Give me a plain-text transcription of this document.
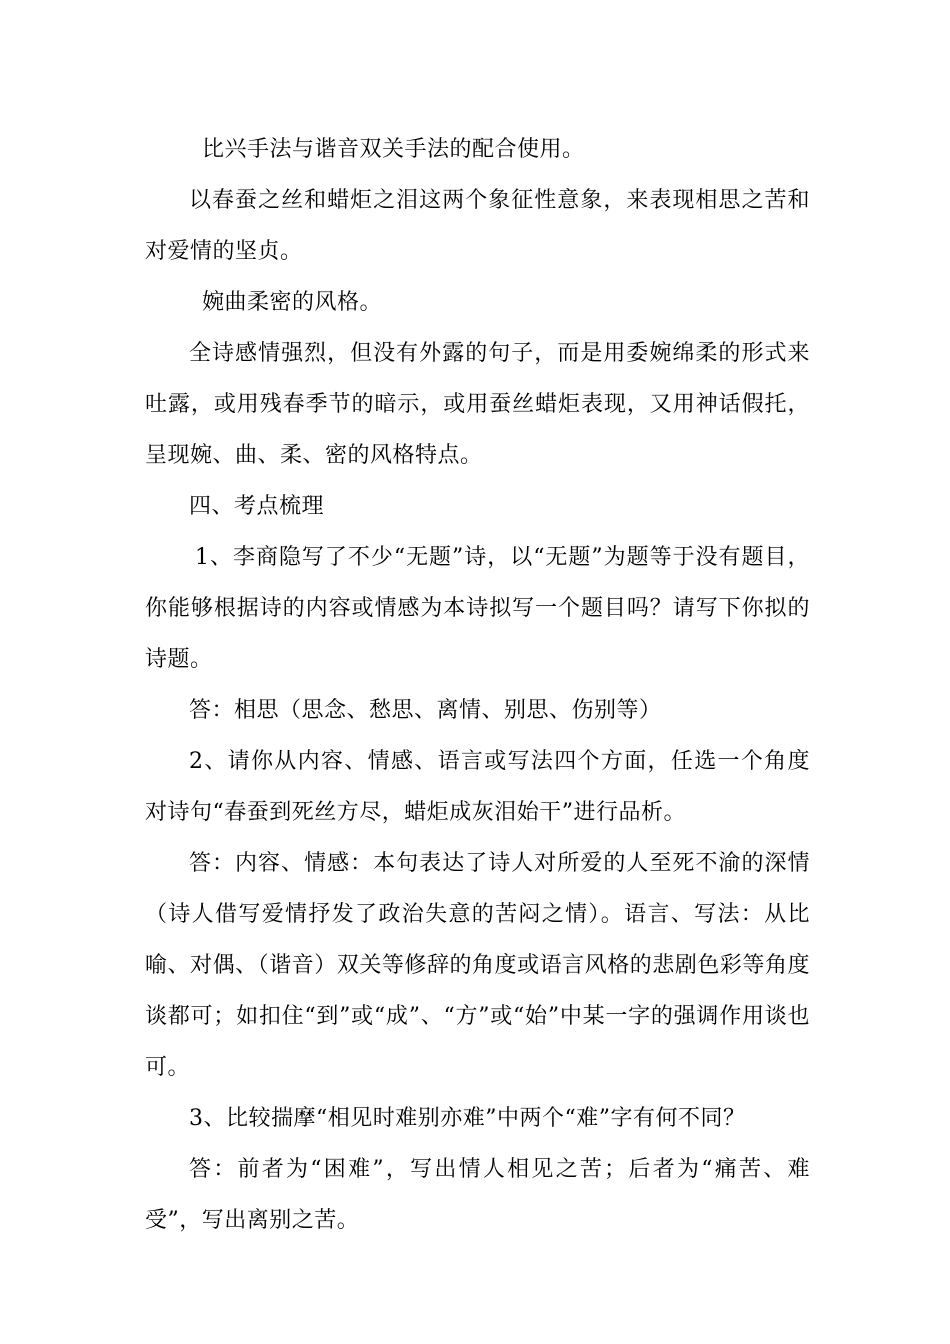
比兴手法与谐音双关手法的配合使用。

以春蚕之丝和蜡炬之泪这两个象征性意象，来表现相思之苦和对爱情的坚贞。

婉曲柔密的风格。

全诗感情强烈，但没有外露的句子，而是用委婉绵柔的形式来吐露，或用残春季节的暗示，或用蚕丝蜡炬表现，又用神话假托，呈现婉、曲、柔、密的风格特点。

四、考点梳理

1、李商隐写了不少“无题”诗，以“无题”为题等于没有题目，你能够根据诗的内容或情感为本诗拟写一个题目吗？请写下你拟的诗题。

答：相思（思念、愁思、离情、别思、伤别等）

2、请你从内容、情感、语言或写法四个方面，任选一个角度对诗句“春蚕到死丝方尽，蜡炬成灰泪始干”进行品析。

答：内容、情感：本句表达了诗人对所爱的人至死不渝的深情（诗人借写爱情抒发了政治失意的苦闷之情）。语言、写法：从比喻、对偶、（谐音）双关等修辞的角度或语言风格的悲剧色彩等角度谈都可；如扣住“到”或“成”、“方”或“始”中某一字的强调作用谈也可。

3、比较揣摩“相见时难别亦难”中两个“难”字有何不同？

答：前者为“困难”，写出情人相见之苦；后者为“痛苦、难受”，写出离别之苦。
